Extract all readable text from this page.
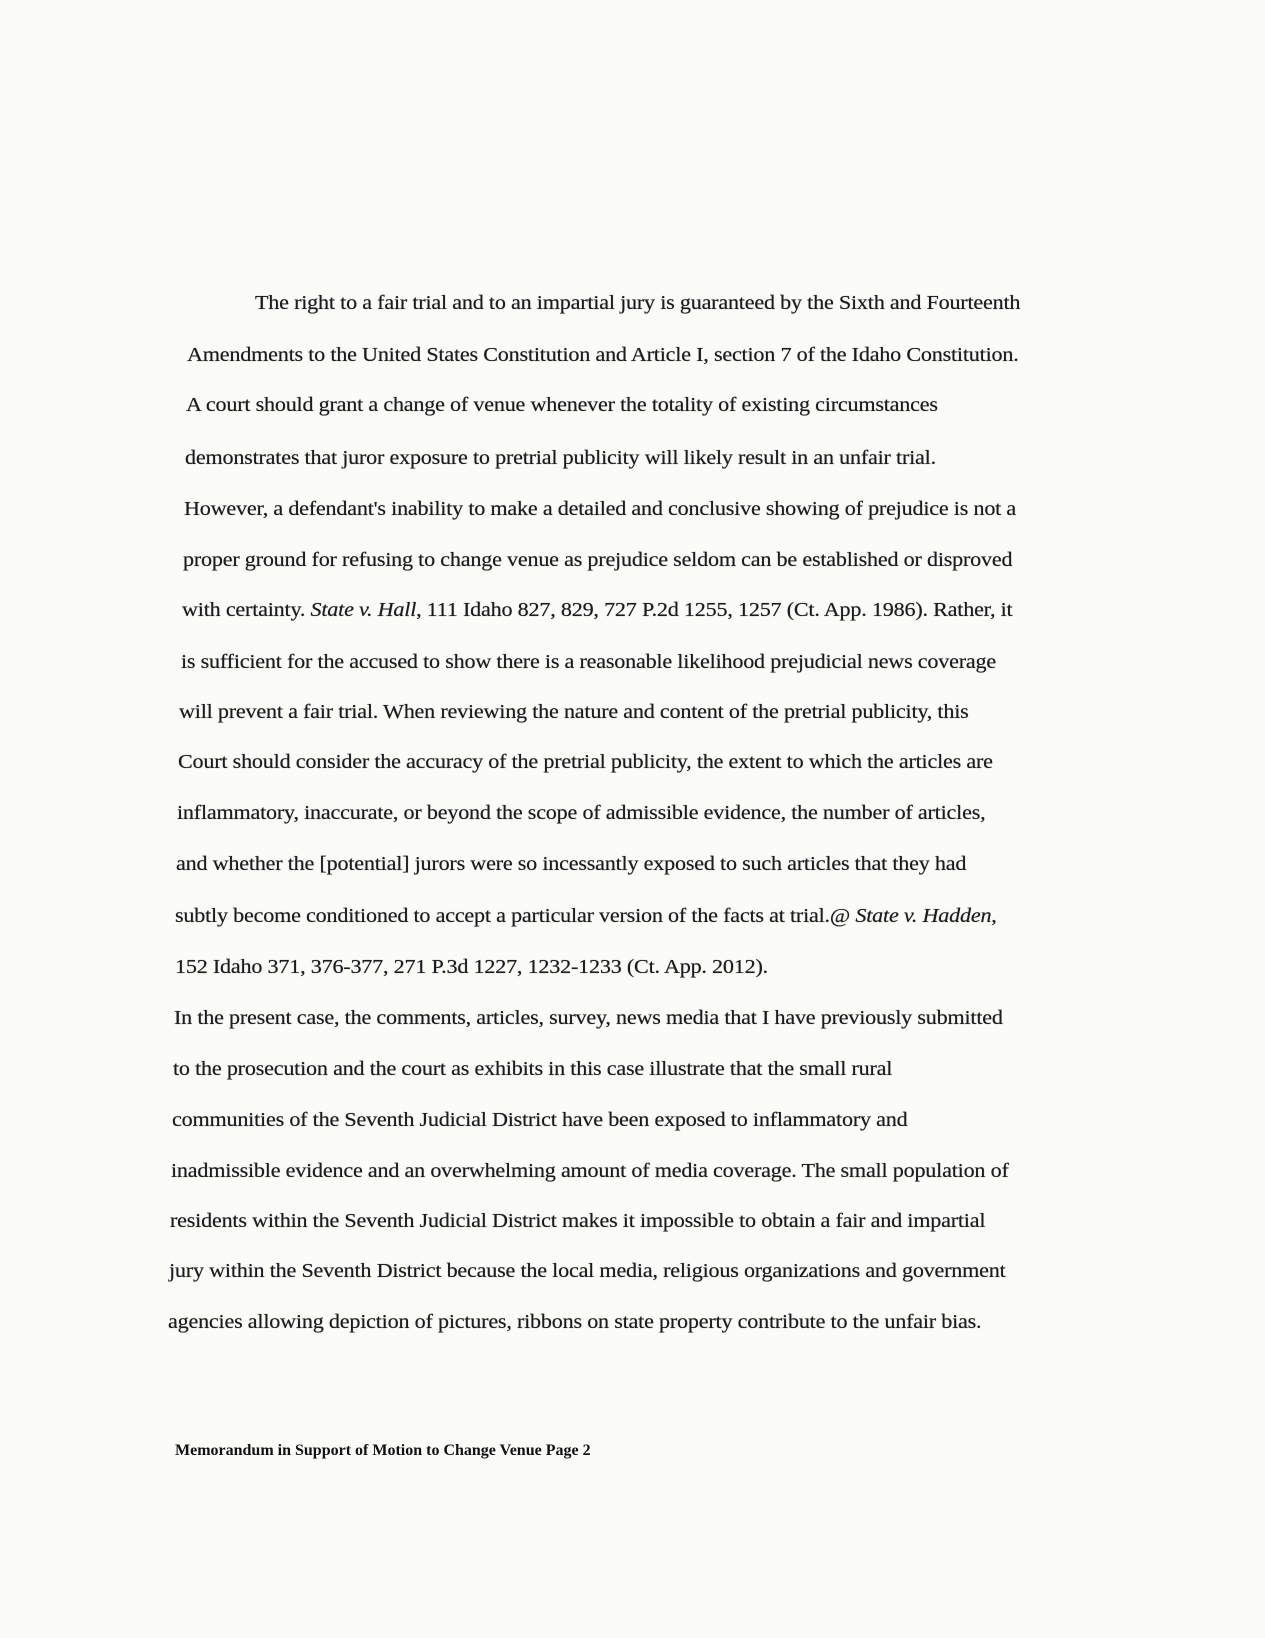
The right to a fair trial and to an impartial jury is guaranteed by the Sixth and Fourteenth
Amendments to the United States Constitution and Article I, section 7 of the Idaho Constitution.
A court should grant a change of venue whenever the totality of existing circumstances
demonstrates that juror exposure to pretrial publicity will likely result in an unfair trial.
However, a defendant's inability to make a detailed and conclusive showing of prejudice is not a
proper ground for refusing to change venue as prejudice seldom can be established or disproved
with certainty. State v. Hall, 111 Idaho 827, 829, 727 P.2d 1255, 1257 (Ct. App. 1986). Rather, it
is sufficient for the accused to show there is a reasonable likelihood prejudicial news coverage
will prevent a fair trial. When reviewing the nature and content of the pretrial publicity, this
Court should consider the accuracy of the pretrial publicity, the extent to which the articles are
inflammatory, inaccurate, or beyond the scope of admissible evidence, the number of articles,
and whether the [potential] jurors were so incessantly exposed to such articles that they had
subtly become conditioned to accept a particular version of the facts at trial.@ State v. Hadden,
152 Idaho 371, 376-377, 271 P.3d 1227, 1232-1233 (Ct. App. 2012).
In the present case, the comments, articles, survey, news media that I have previously submitted
to the prosecution and the court as exhibits in this case illustrate that the small rural
communities of the Seventh Judicial District have been exposed to inflammatory and
inadmissible evidence and an overwhelming amount of media coverage. The small population of
residents within the Seventh Judicial District makes it impossible to obtain a fair and impartial
jury within the Seventh District because the local media, religious organizations and government
agencies allowing depiction of pictures, ribbons on state property contribute to the unfair bias.
Memorandum in Support of Motion to Change Venue Page 2
